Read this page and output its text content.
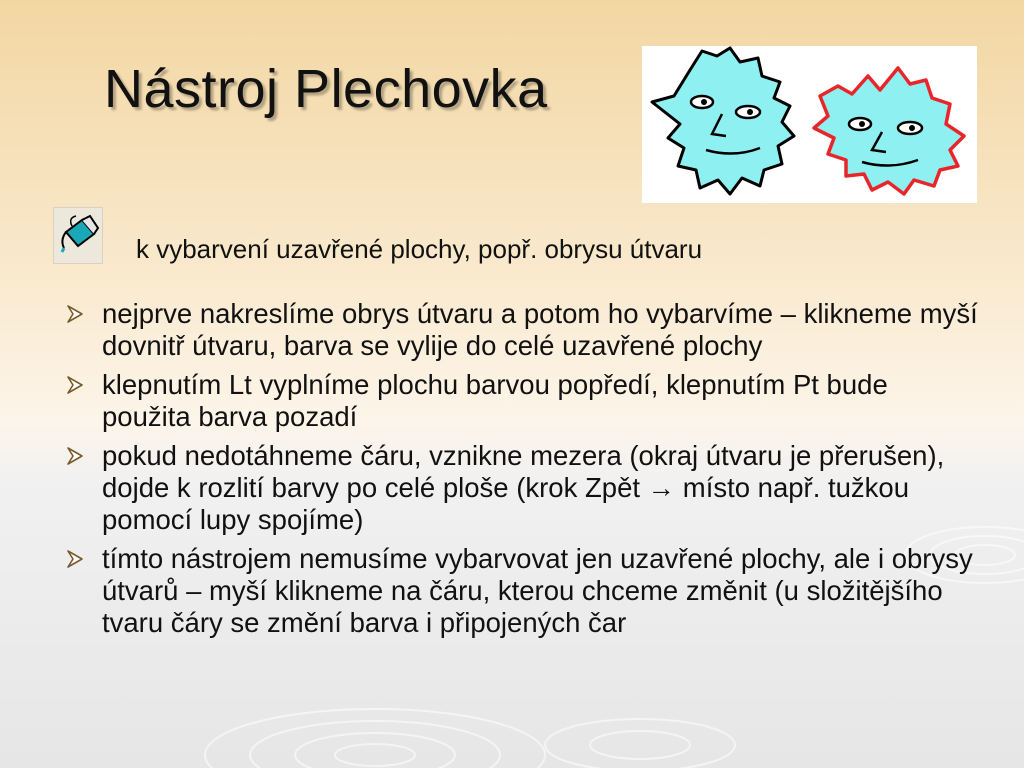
Nástroj Plechovka
k vybarvení uzavřené plochy, popř. obrysu útvaru
nejprve nakreslíme obrys útvaru a potom ho vybarvíme – klikneme myší dovnitř útvaru, barva se vylije do celé uzavřené plochy
klepnutím Lt vyplníme plochu barvou popředí, klepnutím Pt bude použita barva pozadí
pokud nedotáhneme čáru, vznikne mezera (okraj útvaru je přerušen), dojde k rozlití barvy po celé ploše (krok Zpět → místo např. tužkou pomocí lupy spojíme)
tímto nástrojem nemusíme vybarvovat jen uzavřené plochy, ale i obrysy útvarů – myší klikneme na čáru, kterou chceme změnit (u složitějšího tvaru čáry se změní barva i připojených čar
